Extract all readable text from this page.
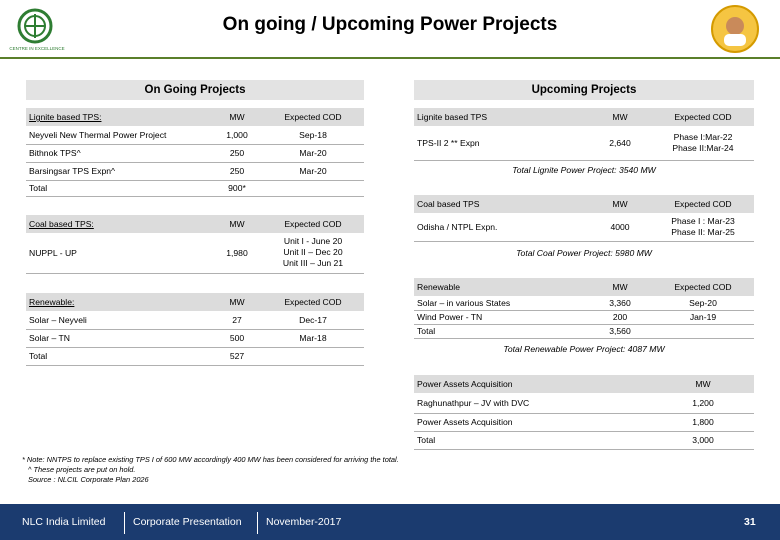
CENTRE IN EXCELLENCE
On going / Upcoming Power Projects
On Going Projects
Lignite based TPS:	MW	Expected COD
Neyveli New Thermal Power Project	1,000	Sep-18
Bithnok TPS^	250	Mar-20
Barsingsar TPS Expn^	250	Mar-20
Total	900*	
Coal based TPS:	MW	Expected COD
NUPPL - UP	1,980	Unit I - June 20
Unit II – Dec 20
Unit III – Jun 21
Renewable:	MW	Expected COD
Solar – Neyveli	27	Dec-17
Solar – TN	500	Mar-18
Total	527	
Upcoming Projects
Lignite based TPS	MW	Expected COD
TPS-II 2 ** Expn	2,640	Phase I:Mar-22
Phase II:Mar-24
Total Lignite Power Project: 3540 MW
Coal based TPS	MW	Expected COD
Odisha / NTPL Expn.	4000	Phase I : Mar-23
Phase II: Mar-25
Total Coal Power Project: 5980 MW
Renewable	MW	Expected COD
Solar – in various States	3,360	Sep-20
Wind Power - TN	200	Jan-19
Total	3,560	
Total Renewable Power Project: 4087 MW
Power Assets Acquisition	MW
Raghunathpur – JV with DVC	1,200
Power Assets Acquisition	1,800
Total	3,000
* Note: NNTPS to replace existing TPS I of 600 MW accordingly 400 MW has been considered for arriving the total.
^ These projects are put on hold.
Source : NLCIL Corporate Plan 2026
NLC India Limited	Corporate Presentation November-2017	31
